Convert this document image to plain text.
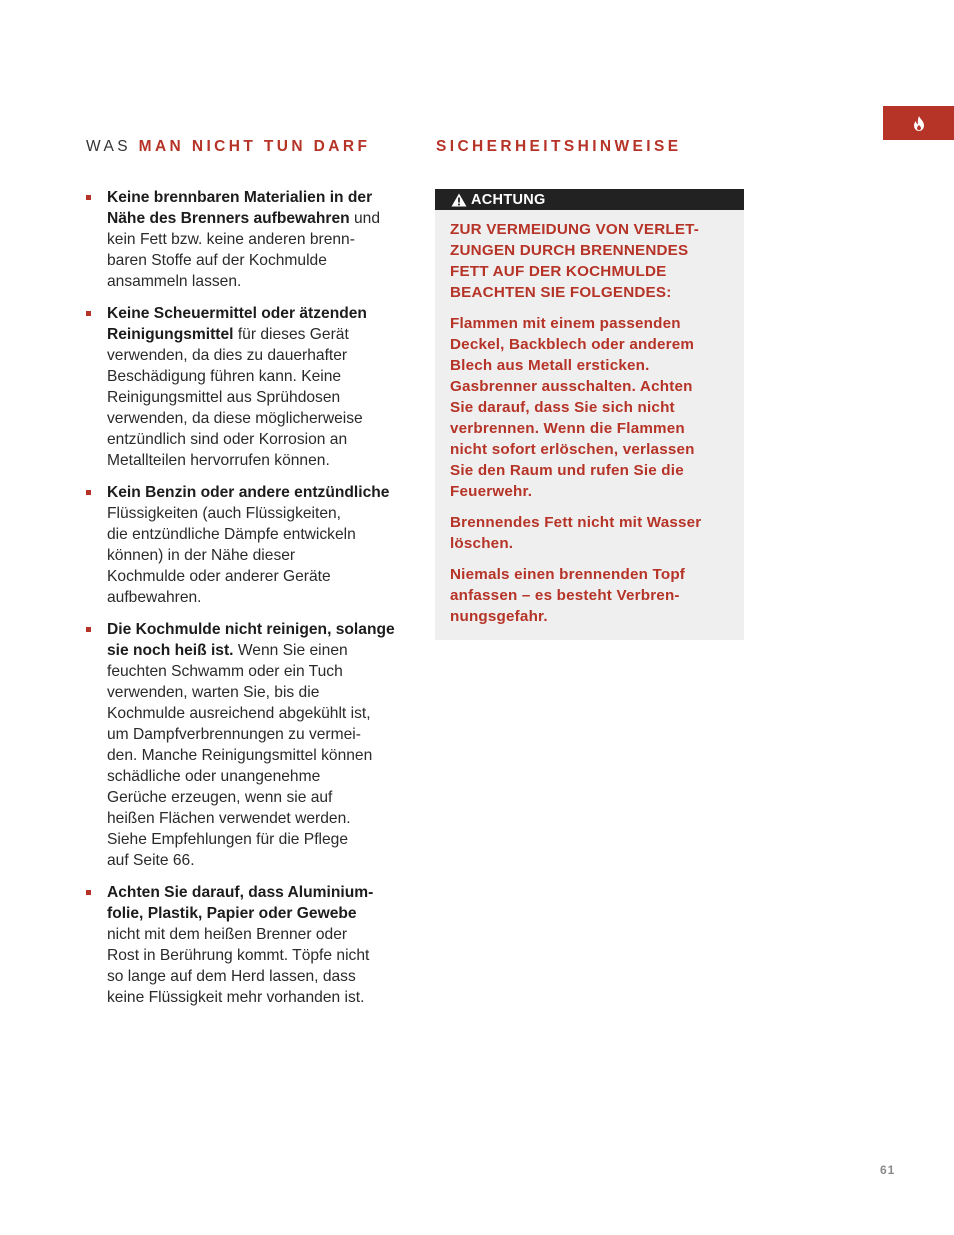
WAS MAN NICHT TUN DARF	SICHERHEITSHINWEISE

Keine brennbaren Materialien in der
Nähe des Brenners aufbewahren und
kein Fett bzw. keine anderen brenn-
baren Stoffe auf der Kochmulde
ansammeln lassen.

Keine Scheuermittel oder ätzenden
Reinigungsmittel für dieses Gerät
verwenden, da dies zu dauerhafter
Beschädigung führen kann. Keine
Reinigungsmittel aus Sprühdosen
verwenden, da diese möglicherweise
entzündlich sind oder Korrosion an
Metallteilen hervorrufen können.

Kein Benzin oder andere entzündliche
Flüssigkeiten (auch Flüssigkeiten,
die entzündliche Dämpfe entwickeln
können) in der Nähe dieser
Kochmulde oder anderer Geräte
aufbewahren.

Die Kochmulde nicht reinigen, solange
sie noch heiß ist. Wenn Sie einen
feuchten Schwamm oder ein Tuch
verwenden, warten Sie, bis die
Kochmulde ausreichend abgekühlt ist,
um Dampfverbrennungen zu vermei-
den. Manche Reinigungsmittel können
schädliche oder unangenehme
Gerüche erzeugen, wenn sie auf
heißen Flächen verwendet werden.
Siehe Empfehlungen für die Pflege
auf Seite 66.

Achten Sie darauf, dass Aluminium-
folie, Plastik, Papier oder Gewebe
nicht mit dem heißen Brenner oder
Rost in Berührung kommt. Töpfe nicht
so lange auf dem Herd lassen, dass
keine Flüssigkeit mehr vorhanden ist.

ACHTUNG

ZUR VERMEIDUNG VON VERLET-
ZUNGEN DURCH BRENNENDES
FETT AUF DER KOCHMULDE
BEACHTEN SIE FOLGENDES:

Flammen mit einem passenden
Deckel, Backblech oder anderem
Blech aus Metall ersticken.
Gasbrenner ausschalten. Achten
Sie darauf, dass Sie sich nicht
verbrennen. Wenn die Flammen
nicht sofort erlöschen, verlassen
Sie den Raum und rufen Sie die
Feuerwehr.

Brennendes Fett nicht mit Wasser
löschen.

Niemals einen brennenden Topf
anfassen – es besteht Verbren-
nungsgefahr.

61
